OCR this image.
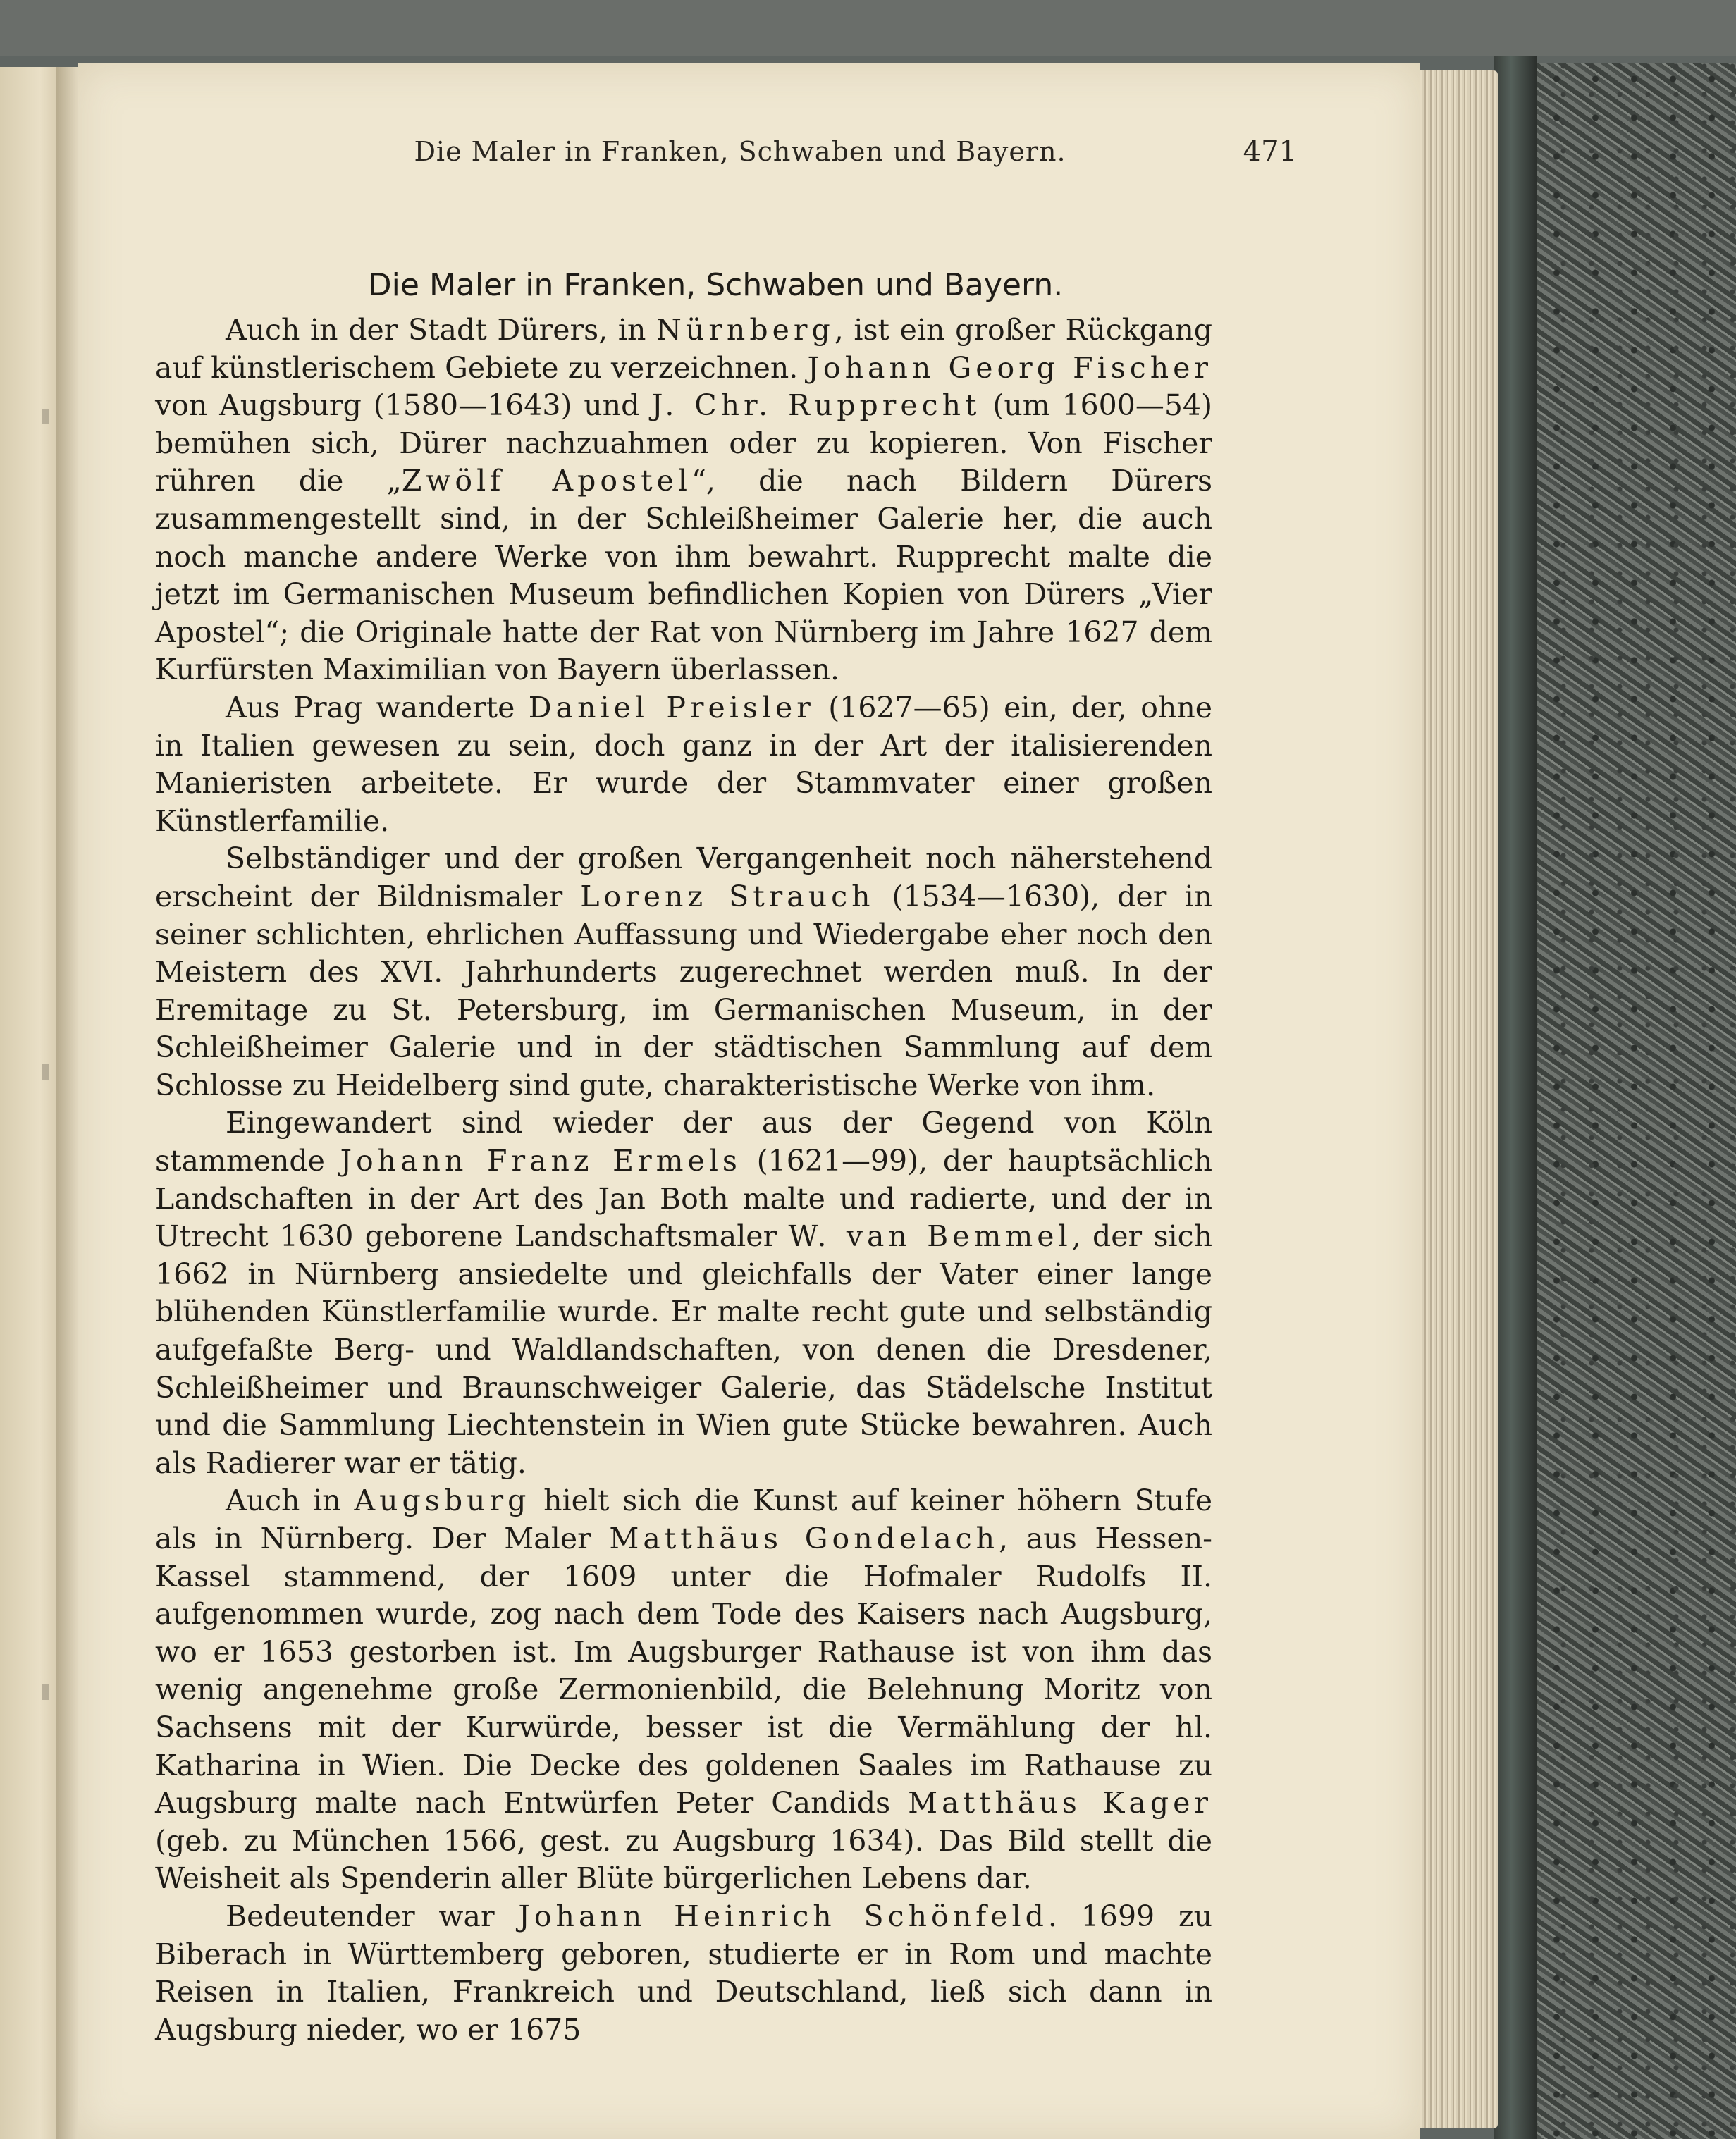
Die Maler in Franken, Schwaben und Bayern.	471
Die Maler in Franken, Schwaben und Bayern.

Auch in der Stadt Dürers, in Nürnberg, ist ein großer Rückgang auf künstlerischem Gebiete zu verzeichnen. Johann Georg Fischer von Augsburg (1580—1643) und J. Chr. Rupprecht (um 1600—54) bemühen sich, Dürer nachzuahmen oder zu kopieren. Von Fischer rühren die „Zwölf Apostel“, die nach Bildern Dürers zusammengestellt sind, in der Schleißheimer Galerie her, die auch noch manche andere Werke von ihm bewahrt. Rupprecht malte die jetzt im Germanischen Museum befindlichen Kopien von Dürers „Vier Apostel“; die Originale hatte der Rat von Nürnberg im Jahre 1627 dem Kurfürsten Maximilian von Bayern überlassen.

Aus Prag wanderte Daniel Preisler (1627—65) ein, der, ohne in Italien gewesen zu sein, doch ganz in der Art der italisierenden Manieristen arbeitete. Er wurde der Stammvater einer großen Künstlerfamilie.

Selbständiger und der großen Vergangenheit noch näherstehend erscheint der Bildnismaler Lorenz Strauch (1534—1630), der in seiner schlichten, ehrlichen Auffassung und Wiedergabe eher noch den Meistern des XVI. Jahrhunderts zugerechnet werden muß. In der Eremitage zu St. Petersburg, im Germanischen Museum, in der Schleißheimer Galerie und in der städtischen Sammlung auf dem Schlosse zu Heidelberg sind gute, charakteristische Werke von ihm.

Eingewandert sind wieder der aus der Gegend von Köln stammende Johann Franz Ermels (1621—99), der hauptsächlich Landschaften in der Art des Jan Both malte und radierte, und der in Utrecht 1630 geborene Landschaftsmaler W. van Bemmel, der sich 1662 in Nürnberg ansiedelte und gleichfalls der Vater einer lange blühenden Künstlerfamilie wurde. Er malte recht gute und selbständig aufgefaßte Berg- und Waldlandschaften, von denen die Dresdener, Schleißheimer und Braunschweiger Galerie, das Städelsche Institut und die Sammlung Liechtenstein in Wien gute Stücke bewahren. Auch als Radierer war er tätig.

Auch in Augsburg hielt sich die Kunst auf keiner höhern Stufe als in Nürnberg. Der Maler Matthäus Gondelach, aus Hessen-Kassel stammend, der 1609 unter die Hofmaler Rudolfs II. aufgenommen wurde, zog nach dem Tode des Kaisers nach Augsburg, wo er 1653 gestorben ist. Im Augsburger Rathause ist von ihm das wenig angenehme große Zermonienbild, die Belehnung Moritz von Sachsens mit der Kurwürde, besser ist die Vermählung der hl. Katharina in Wien. Die Decke des goldenen Saales im Rathause zu Augsburg malte nach Entwürfen Peter Candids Matthäus Kager (geb. zu München 1566, gest. zu Augsburg 1634). Das Bild stellt die Weisheit als Spenderin aller Blüte bürgerlichen Lebens dar.

Bedeutender war Johann Heinrich Schönfeld. 1699 zu Biberach in Württemberg geboren, studierte er in Rom und machte Reisen in Italien, Frankreich und Deutschland, ließ sich dann in Augsburg nieder, wo er 1675
